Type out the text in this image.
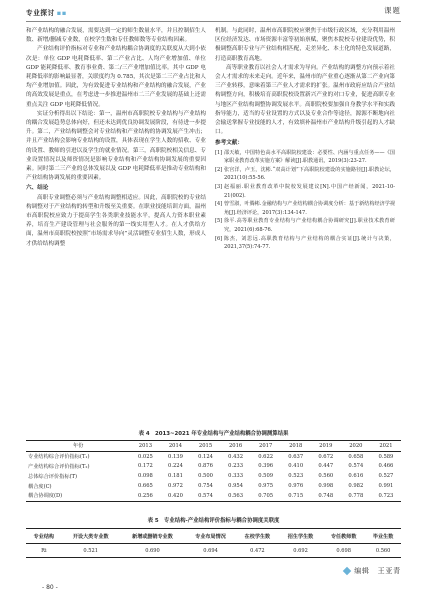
专业探讨 ▪▪	课题

和产业结构的融合发展，需要达到一定的师生数量水平，并且控制招生人数、新增/删减专业数，在校学生数和专任教师数等专业结构因素。

产业结构评价指标对专业和产业结构耦合协调度的关联度从大到小依次是：单位 GDP 电耗降低率、第二产业占比、人均产业增加值、单位 GDP 能耗降低率、教育事业费、第二/三产业增加值比率。其中 GDP 电耗降低率的影响最显著，关联度约为 0.785，其次是第二三产业占比和人均产业增加值。因此，为有效促进专业结构和产业结构的融合发展，产业的高效发展是重点，在考虑进一步推进温州市二三产业发展的基础上还需重点关注 GDP 电耗降低情况。

实证分析得出以下结论：第一，温州市高职院校专业结构与产业结构的耦合发展趋势总体向好，但还未达到优良协调发展阶段，有待进一步提升。第二，产业结构调整会对专业结构和产业结构的协调发展产生冲击；并且产业结构会影响专业结构的设置，具体表现在学生人数的招收、专业的设置、教师的引进以及学生的就业情况。第三，高职院校相关信息、专业设置情况以及师资情况是影响专业结构和产业结构协调发展的重要因素。同时第二三产业的总体发展以及 GDP 电耗降低率是推动专业结构和产业结构协调发展的重要因素。

六、结论

高职专业调整必须与产业结构调整相适应。因此，高职院校的专业结构调整对于产业结构的转型和升级至关重要。在职业技能培训方面，温州市高职院校应致力于提高学生各类职业技能水平，提高人力资本职业素养，培育生产建设管理与社会服务的第一线实用型人才。在人才供给方面，温州市高职院校按照“市场需求导向”灵活调整专业招生人数，形成人才供给结构调整

机制。与此同时，温州市高职院校应聚焦于市级行政区域，充分利用温州区位经济发达、市场资源丰富等初始禀赋，聚焦本院校专业建设优势，积极调整高职专业与产业结构相匹配，走差异化、本土化的特色发展道路，打造高职教育高地。

高等职业教育以社会人才需求为导向。产业结构的调整方向预示着社会人才需求的未来走向。近年来，温州市的产业重心逐渐从第二产业向第三产业转移，意味着第三产业人才需求的扩张。温州市政府应结合产业结构调整方向，积极培育高职院校设置新兴产业的对口专业，促进高职专业与地区产业结构调整协调发展水平。高职院校要加强自身教学水平和实践指导能力，适当的专业设置的方式以及专业合作等途径，源源不断地向社会输送掌握专业技能的人才，有效填补温州市产业结构升级引起的人才缺口。

参考文献：

[1] 邵天敏，中国特色高水平高职院校建设：必要性、内涵与重点任务——《国家职业教育改革实施方案》解读[J].职教通讯，2019(3):23-27.

[2] 张宫洋，卢玉，沈彬.“双高计划”下高职院校建设的实施路径[J].职教论坛，2021(10):55-56.

[3] 赵福丽.职业教育改革中院校发展建议[N].中国产经新闻，2021-10-21(002).

[4] 曾雪淑，叶腾彬.金融结构与产业结构耦合协调度分析：基于新结构经济学视角[J].经济评论，2017(3):134-147.

[5] 徐平.高等职业教育专业结构与产业结构耦合协调研究[J].职业技术教育研究，2021(6):68-76.

[6] 陈杰，刘思远.高职教育结构与产业结构的耦合实证[J].统计与决策，2021,37(5):74-77.

表 4　2013~2021 年专业结构与产业结构耦合协调测算结果
年份	2013	2014	2015	2016	2017	2018	2019	2020	2021
专业结构综合评价指标(T₁)	0.025	0.139	0.124	0.432	0.622	0.637	0.672	0.658	0.589
产业结构综合评价指标(T₂)	0.172	0.224	0.876	0.233	0.396	0.410	0.447	0.574	0.466
总体综合评价指标(T)	0.098	0.181	0.500	0.333	0.509	0.523	0.560	0.616	0.527
耦合度(C)	0.665	0.972	0.754	0.954	0.975	0.976	0.998	0.982	0.991
耦合协调度(D)	0.256	0.420	0.574	0.563	0.705	0.715	0.748	0.778	0.723
表 5　专业结构-产业结构评价指标与耦合协调度关联度
专业结构	开设大类专业数	新增或删销专业数	专业布局情况	在校学生数	招生学生数	专任教师数	毕业生数
Ri	0.521	0.690	0.694	0.472	0.692	0.698	0.560
编辑　王亚青
- 80 -
